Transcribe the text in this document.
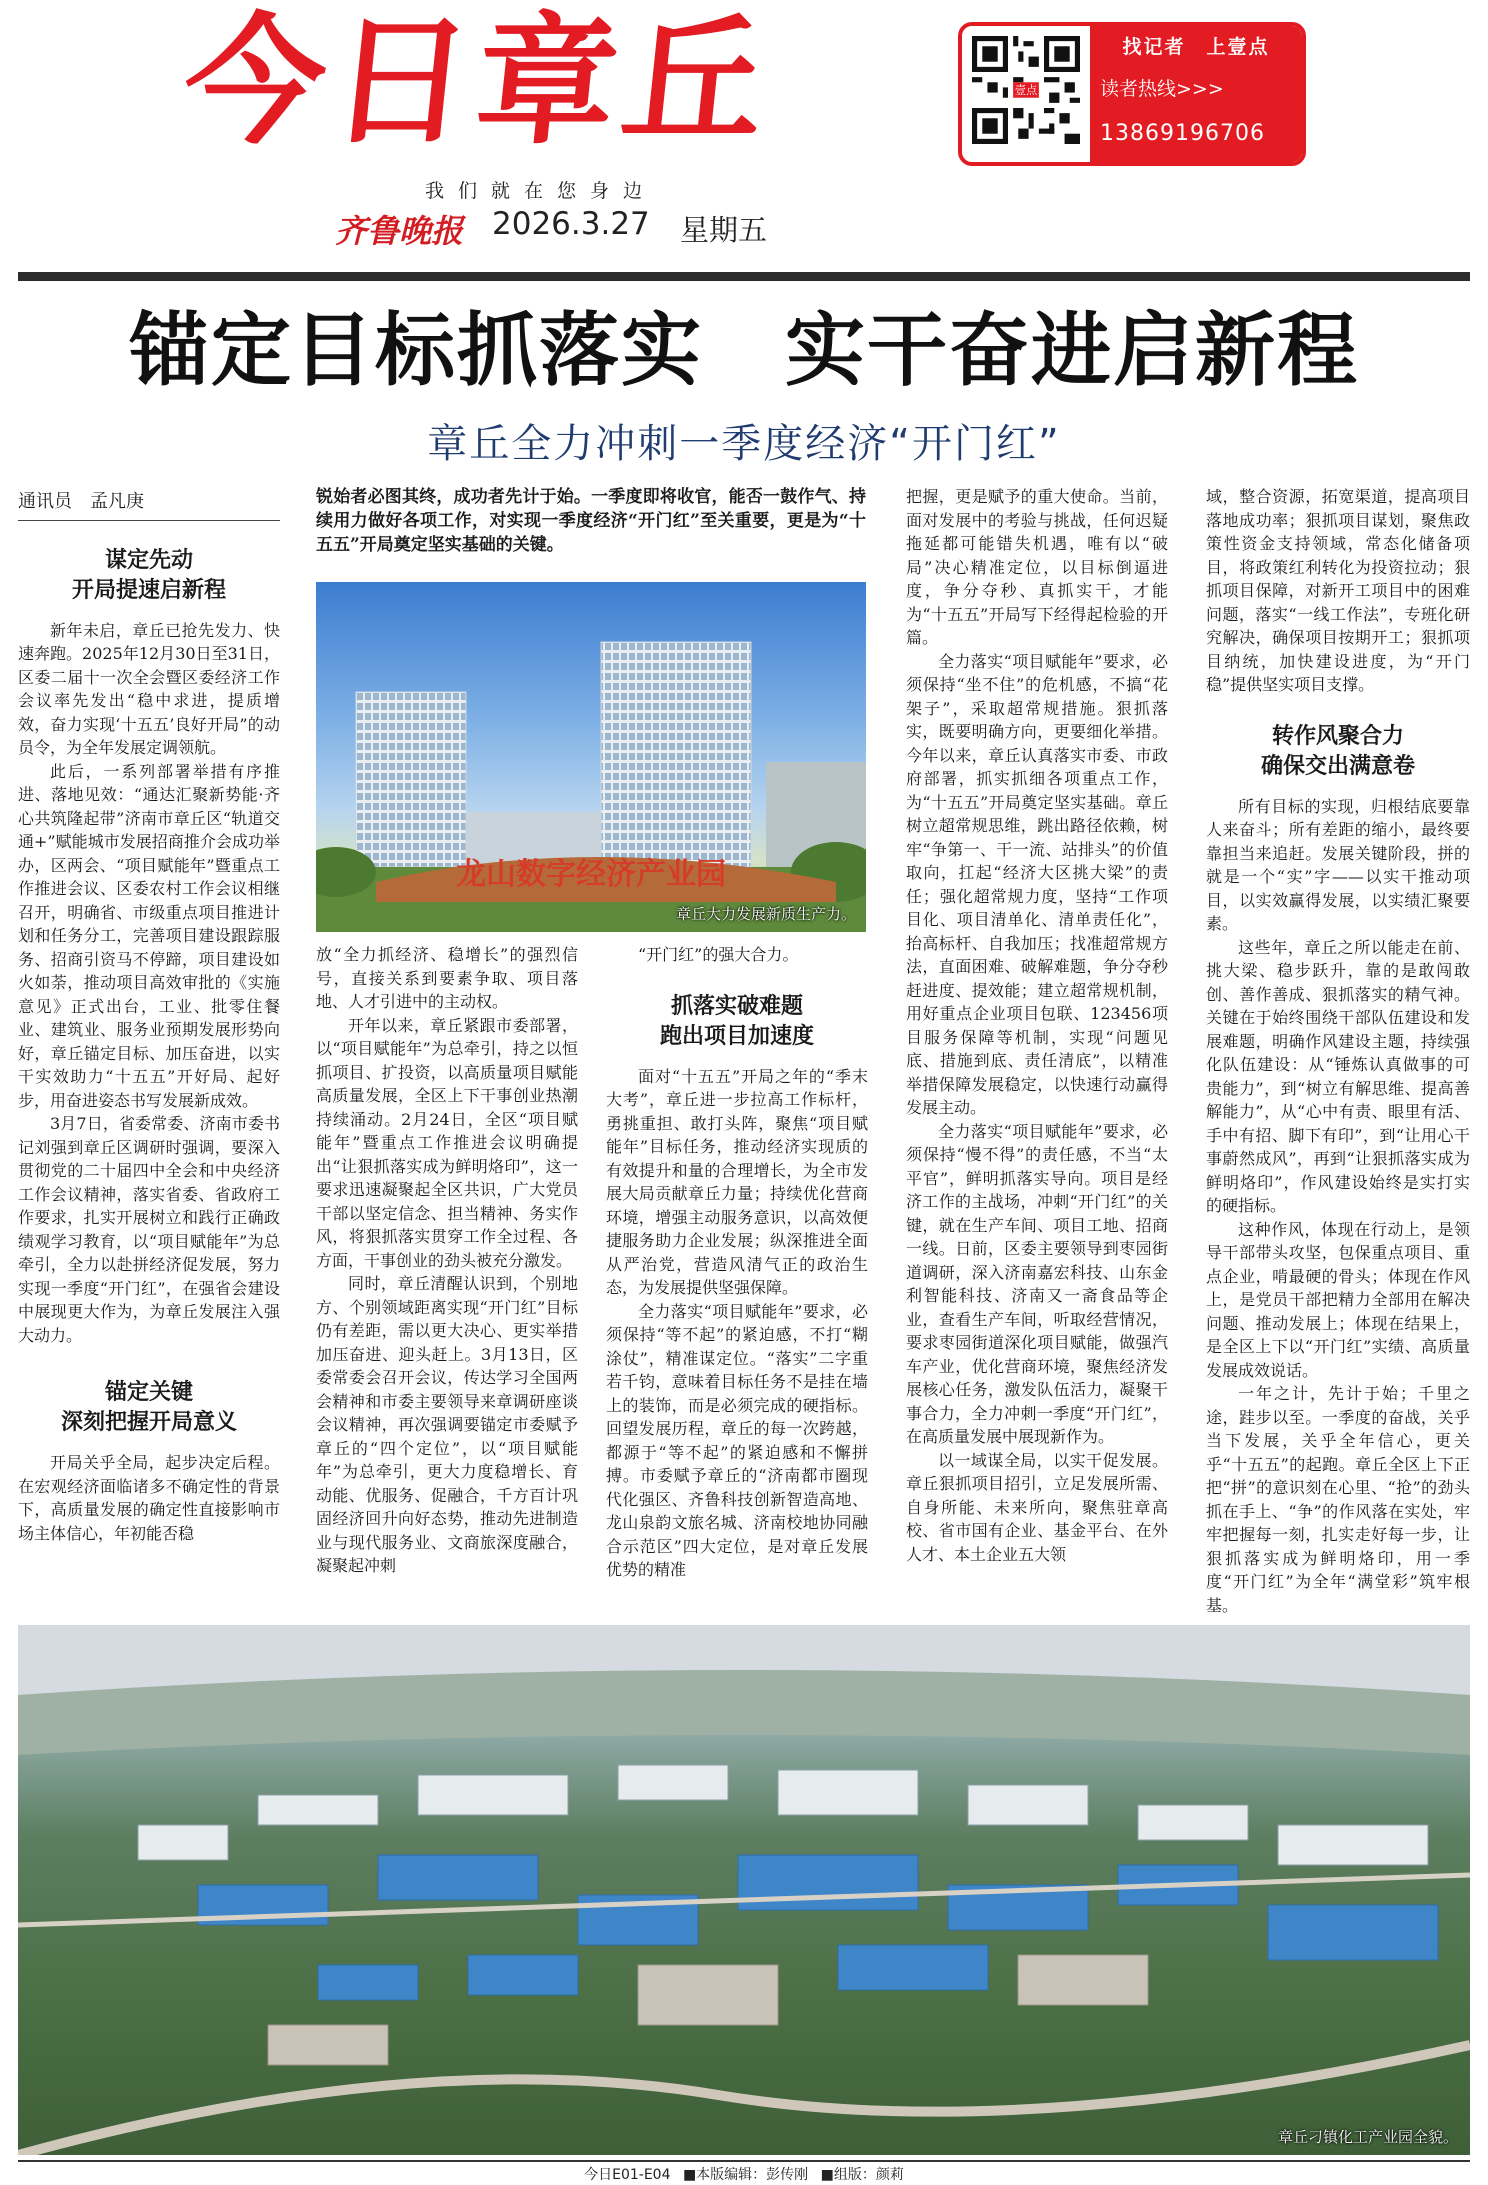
今日章丘
我们就在您身边
齐鲁晚报 2026.3.27 星期五
壹点
找记者　上壹点
读者热线>>>
13869196706
锚定目标抓落实　实干奋进启新程
章丘全力冲刺一季度经济“开门红”
通讯员　孟凡庚
谋定先动
开局提速启新程

新年未启，章丘已抢先发力、快速奔跑。2025年12月30日至31日，区委二届十一次全会暨区委经济工作会议率先发出“稳中求进，提质增效，奋力实现‘十五五’良好开局”的动员令，为全年发展定调领航。

此后，一系列部署举措有序推进、落地见效：“通达汇聚新势能·齐心共筑隆起带”济南市章丘区“轨道交通+”赋能城市发展招商推介会成功举办，区两会、“项目赋能年”暨重点工作推进会议、区委农村工作会议相继召开，明确省、市级重点项目推进计划和任务分工，完善项目建设跟踪服务、招商引资马不停蹄，项目建设如火如荼，推动项目高效审批的《实施意见》正式出台，工业、批零住餐业、建筑业、服务业预期发展形势向好，章丘锚定目标、加压奋进，以实干实效助力“十五五”开好局、起好步，用奋进姿态书写发展新成效。

3月7日，省委常委、济南市委书记刘强到章丘区调研时强调，要深入贯彻党的二十届四中全会和中央经济工作会议精神，落实省委、省政府工作要求，扎实开展树立和践行正确政绩观学习教育，以“项目赋能年”为总牵引，全力以赴拼经济促发展，努力实现一季度“开门红”，在强省会建设中展现更大作为，为章丘发展注入强大动力。

锚定关键
深刻把握开局意义

开局关乎全局，起步决定后程。在宏观经济面临诸多不确定性的背景下，高质量发展的确定性直接影响市场主体信心，年初能否稳

锐始者必图其终，成功者先计于始。一季度即将收官，能否一鼓作气、持续用力做好各项工作，对实现一季度经济“开门红”至关重要，更是为“十五五”开局奠定坚实基础的关键。
龙山数字经济产业园
章丘大力发展新质生产力。

放“全力抓经济、稳增长”的强烈信号，直接关系到要素争取、项目落地、人才引进中的主动权。

开年以来，章丘紧跟市委部署，以“项目赋能年”为总牵引，持之以恒抓项目、扩投资，以高质量项目赋能高质量发展，全区上下干事创业热潮持续涌动。2月24日，全区“项目赋能年”暨重点工作推进会议明确提出“让狠抓落实成为鲜明烙印”，这一要求迅速凝聚起全区共识，广大党员干部以坚定信念、担当精神、务实作风，将狠抓落实贯穿工作全过程、各方面，干事创业的劲头被充分激发。

同时，章丘清醒认识到，个别地方、个别领域距离实现“开门红”目标仍有差距，需以更大决心、更实举措加压奋进、迎头赶上。3月13日，区委常委会召开会议，传达学习全国两会精神和市委主要领导来章调研座谈会议精神，再次强调要锚定市委赋予章丘的“四个定位”，以“项目赋能年”为总牵引，更大力度稳增长、育动能、优服务、促融合，千方百计巩固经济回升向好态势，推动先进制造业与现代服务业、文商旅深度融合，凝聚起冲刺

“开门红”的强大合力。

抓落实破难题
跑出项目加速度

面对“十五五”开局之年的“季末大考”，章丘进一步拉高工作标杆，勇挑重担、敢打头阵，聚焦“项目赋能年”目标任务，推动经济实现质的有效提升和量的合理增长，为全市发展大局贡献章丘力量；持续优化营商环境，增强主动服务意识，以高效便捷服务助力企业发展；纵深推进全面从严治党，营造风清气正的政治生态，为发展提供坚强保障。

全力落实“项目赋能年”要求，必须保持“等不起”的紧迫感，不打“糊涂仗”，精准谋定位。“落实”二字重若千钧，意味着目标任务不是挂在墙上的装饰，而是必须完成的硬指标。回望发展历程，章丘的每一次跨越，都源于“等不起”的紧迫感和不懈拼搏。市委赋予章丘的“济南都市圈现代化强区、齐鲁科技创新智造高地、龙山泉韵文旅名城、济南校地协同融合示范区”四大定位，是对章丘发展优势的精准

把握，更是赋予的重大使命。当前，面对发展中的考验与挑战，任何迟疑拖延都可能错失机遇，唯有以“破局”决心精准定位，以目标倒逼进度，争分夺秒、真抓实干，才能为“十五五”开局写下经得起检验的开篇。

全力落实“项目赋能年”要求，必须保持“坐不住”的危机感，不搞“花架子”，采取超常规措施。狠抓落实，既要明确方向，更要细化举措。今年以来，章丘认真落实市委、市政府部署，抓实抓细各项重点工作，为“十五五”开局奠定坚实基础。章丘树立超常规思维，跳出路径依赖，树牢“争第一、干一流、站排头”的价值取向，扛起“经济大区挑大梁”的责任；强化超常规力度，坚持“工作项目化、项目清单化、清单责任化”，抬高标杆、自我加压；找准超常规方法，直面困难、破解难题，争分夺秒赶进度、提效能；建立超常规机制，用好重点企业项目包联、123456项目服务保障等机制，实现“问题见底、措施到底、责任清底”，以精准举措保障发展稳定，以快速行动赢得发展主动。

全力落实“项目赋能年”要求，必须保持“慢不得”的责任感，不当“太平官”，鲜明抓落实导向。项目是经济工作的主战场，冲刺“开门红”的关键，就在生产车间、项目工地、招商一线。日前，区委主要领导到枣园街道调研，深入济南嘉宏科技、山东金利智能科技、济南又一斋食品等企业，查看生产车间，听取经营情况，要求枣园街道深化项目赋能，做强汽车产业，优化营商环境，聚焦经济发展核心任务，激发队伍活力，凝聚干事合力，全力冲刺一季度“开门红”，在高质量发展中展现新作为。

以一域谋全局，以实干促发展。章丘狠抓项目招引，立足发展所需、自身所能、未来所向，聚焦驻章高校、省市国有企业、基金平台、在外人才、本土企业五大领

域，整合资源，拓宽渠道，提高项目落地成功率；狠抓项目谋划，聚焦政策性资金支持领域，常态化储备项目，将政策红利转化为投资拉动；狠抓项目保障，对新开工项目中的困难问题，落实“一线工作法”，专班化研究解决，确保项目按期开工；狠抓项目纳统，加快建设进度，为“开门稳”提供坚实项目支撑。

转作风聚合力
确保交出满意卷

所有目标的实现，归根结底要靠人来奋斗；所有差距的缩小，最终要靠担当来追赶。发展关键阶段，拼的就是一个“实”字——以实干推动项目，以实效赢得发展，以实绩汇聚要素。

这些年，章丘之所以能走在前、挑大梁、稳步跃升，靠的是敢闯敢创、善作善成、狠抓落实的精气神。关键在于始终围绕干部队伍建设和发展难题，明确作风建设主题，持续强化队伍建设：从“锤炼认真做事的可贵能力”，到“树立有解思维、提高善解能力”，从“心中有责、眼里有活、手中有招、脚下有印”，到“让用心干事蔚然成风”，再到“让狠抓落实成为鲜明烙印”，作风建设始终是实打实的硬指标。

这种作风，体现在行动上，是领导干部带头攻坚，包保重点项目、重点企业，啃最硬的骨头；体现在作风上，是党员干部把精力全部用在解决问题、推动发展上；体现在结果上，是全区上下以“开门红”实绩、高质量发展成效说话。

一年之计，先计于始；千里之途，跬步以至。一季度的奋战，关乎当下发展，关乎全年信心，更关乎“十五五”的起跑。章丘全区上下正把“拼”的意识刻在心里、“抢”的劲头抓在手上、“争”的作风落在实处，牢牢把握每一刻，扎实走好每一步，让狠抓落实成为鲜明烙印，用一季度“开门红”为全年“满堂彩”筑牢根基。

章丘刁镇化工产业园全貌。
今日E01-E04 ■本版编辑：彭传刚 ■组版：颜莉
